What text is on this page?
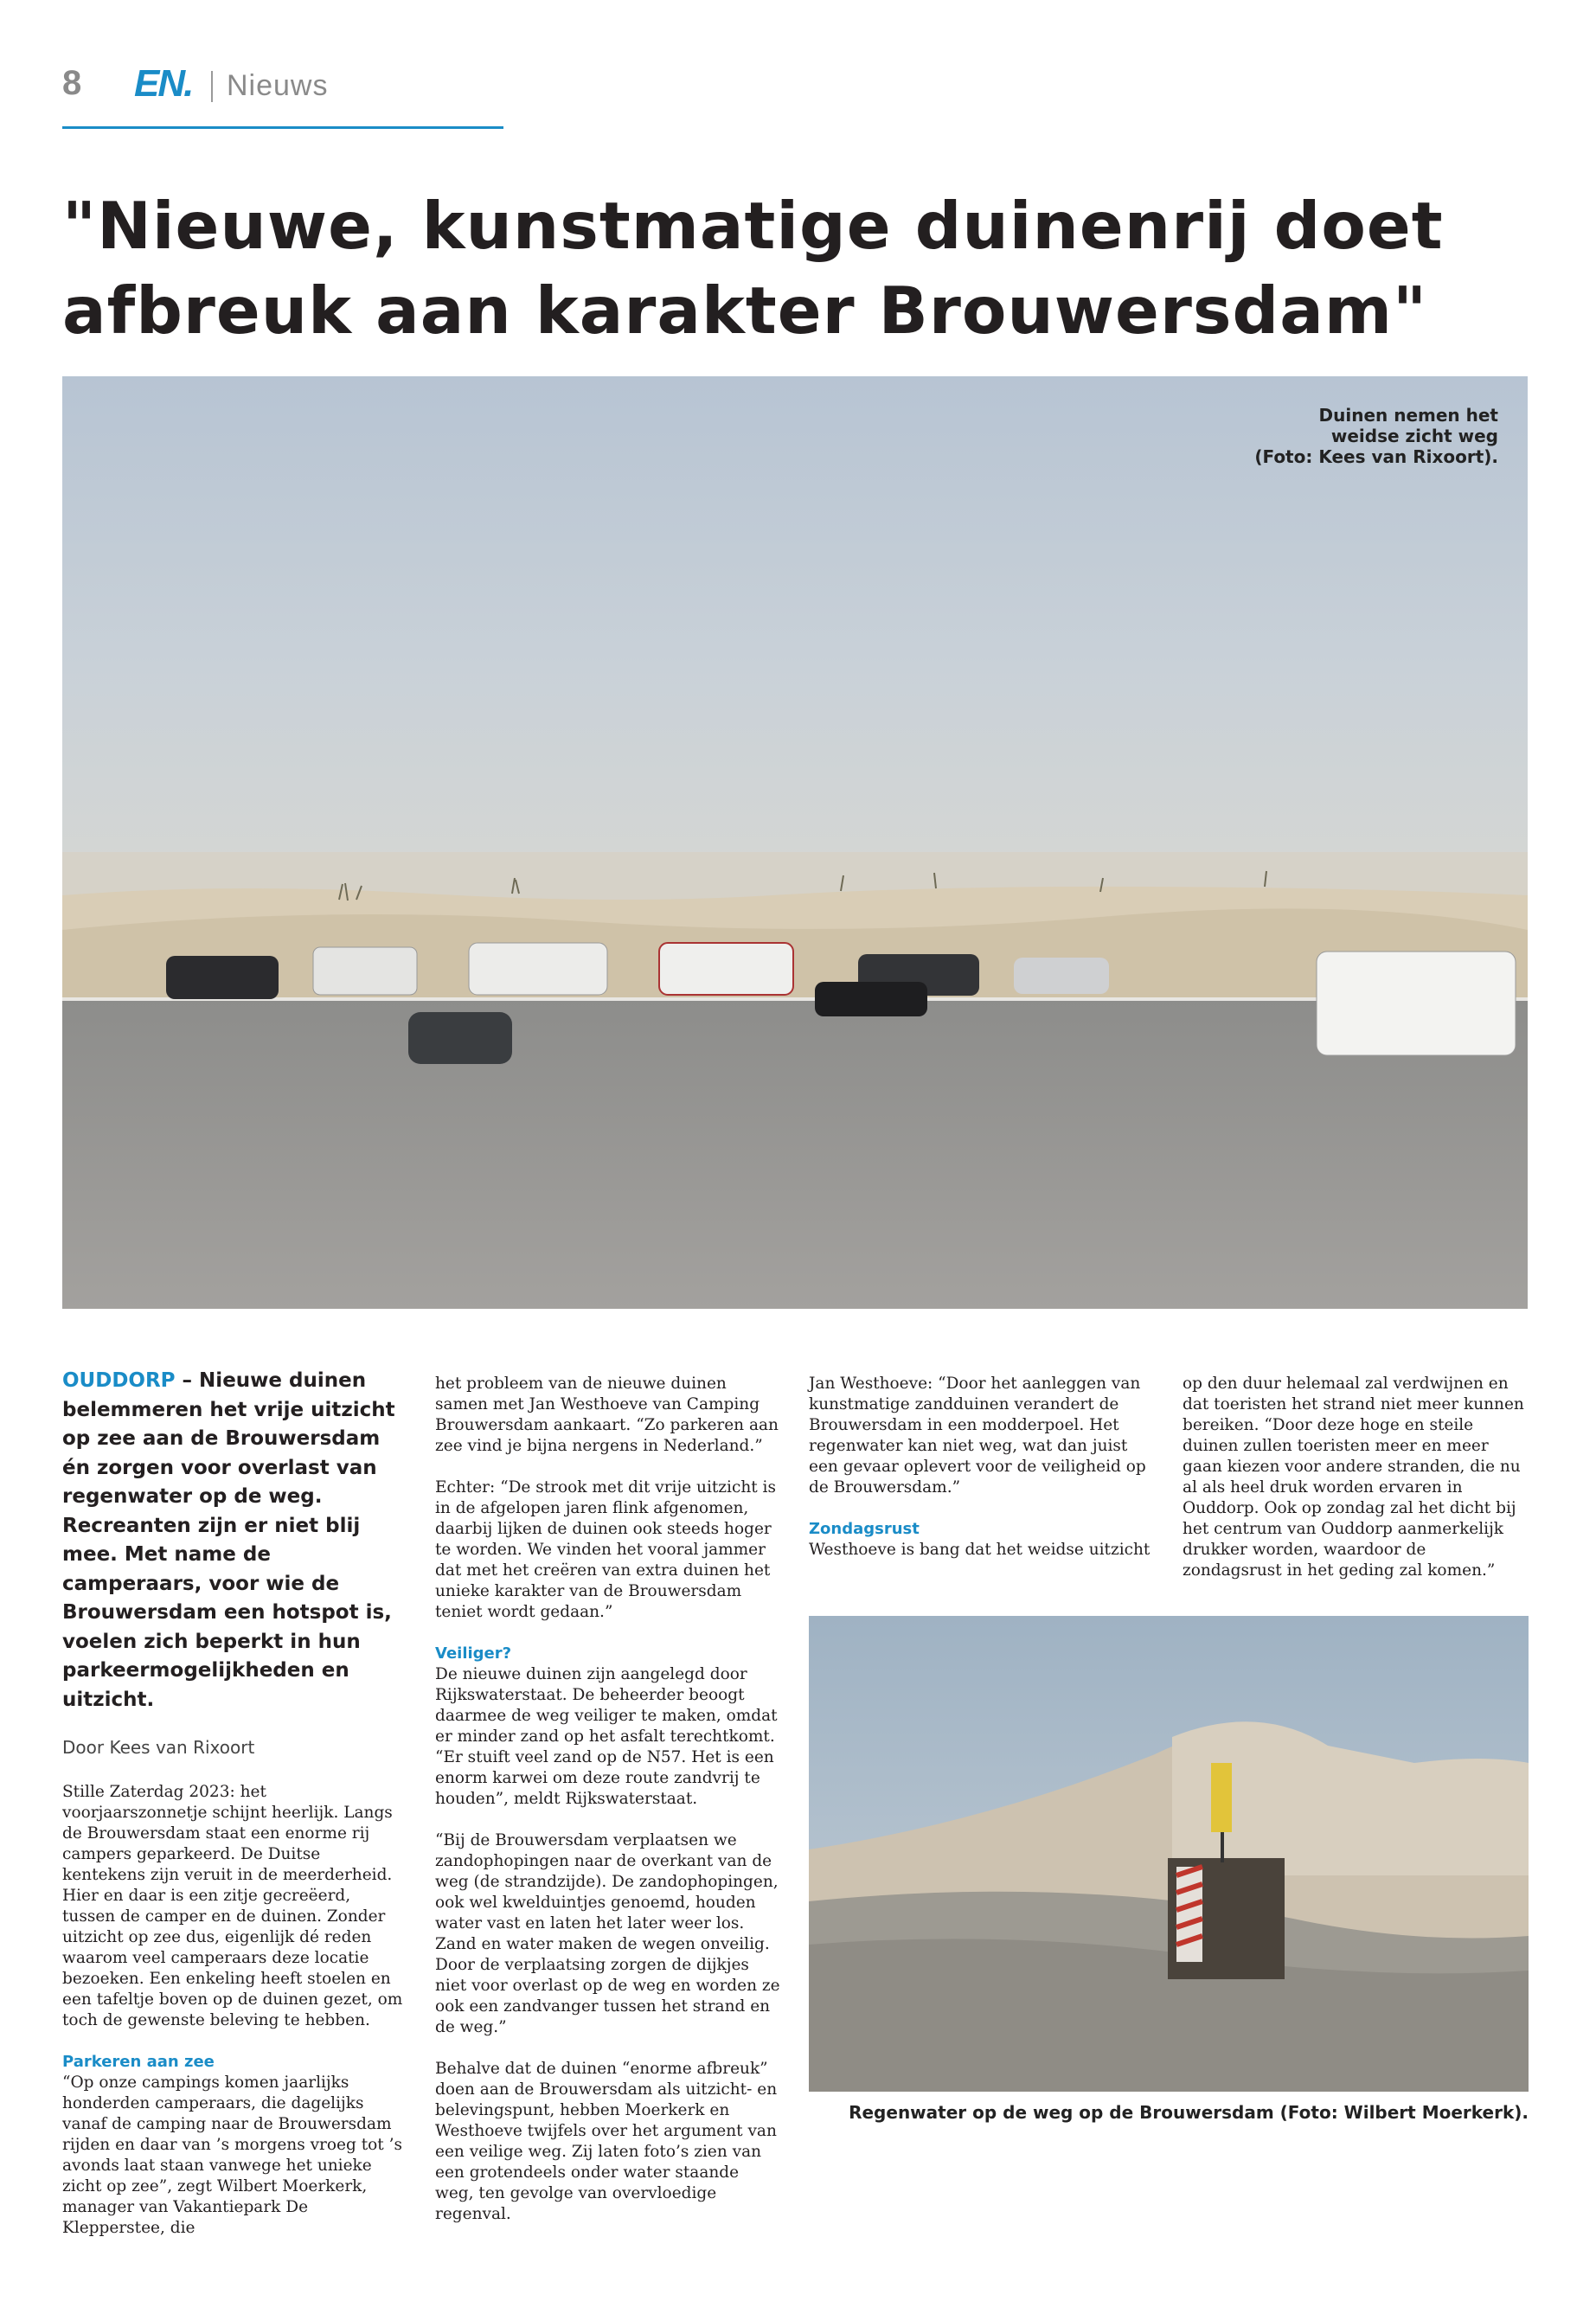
8 EN. Nieuws
"Nieuwe, kunstmatige duinenrij doet afbreuk aan karakter Brouwersdam"
Duinen nemen het
weidse zicht weg
(Foto: Kees van Rixoort).

OUDDORP – Nieuwe duinen belemmeren het vrije uitzicht op zee aan de Brouwersdam én zorgen voor overlast van regenwater op de weg. Recreanten zijn er niet blij mee. Met name de camperaars, voor wie de Brouwersdam een hotspot is, voelen zich beperkt in hun parkeermogelijkheden en uitzicht.

Door Kees van Rixoort

Stille Zaterdag 2023: het voorjaarszonnetje schijnt heerlijk. Langs de Brouwersdam staat een enorme rij campers geparkeerd. De Duitse kentekens zijn veruit in de meerderheid. Hier en daar is een zitje gecreëerd, tussen de camper en de duinen. Zonder uitzicht op zee dus, eigenlijk dé reden waarom veel camperaars deze locatie bezoeken. Een enkeling heeft stoelen en een tafeltje boven op de duinen gezet, om toch de gewenste beleving te hebben.

Parkeren aan zee

“Op onze campings komen jaarlijks honderden camperaars, die dagelijks vanaf de camping naar de Brouwersdam rijden en daar van ’s morgens vroeg tot ’s avonds laat staan vanwege het unieke zicht op zee”, zegt Wilbert Moerkerk, manager van Vakantiepark De Klepperstee, die

het probleem van de nieuwe duinen samen met Jan Westhoeve van Camping Brouwersdam aankaart. “Zo parkeren aan zee vind je bijna nergens in Nederland.”

Echter: “De strook met dit vrije uitzicht is in de afgelopen jaren flink afgenomen, daarbij lijken de duinen ook steeds hoger te worden. We vinden het vooral jammer dat met het creëren van extra duinen het unieke karakter van de Brouwersdam teniet wordt gedaan.”

Veiliger?

De nieuwe duinen zijn aangelegd door Rijkswaterstaat. De beheerder beoogt daarmee de weg veiliger te maken, omdat er minder zand op het asfalt terechtkomt. “Er stuift veel zand op de N57. Het is een enorm karwei om deze route zandvrij te houden”, meldt Rijkswaterstaat.

“Bij de Brouwersdam verplaatsen we zandophopingen naar de overkant van de weg (de strandzijde). De zandophopingen, ook wel kwelduintjes genoemd, houden water vast en laten het later weer los. Zand en water maken de wegen onveilig. Door de verplaatsing zorgen de dijkjes niet voor overlast op de weg en worden ze ook een zandvanger tussen het strand en de weg.”

Behalve dat de duinen “enorme afbreuk” doen aan de Brouwersdam als uitzicht- en belevingspunt, hebben Moerkerk en Westhoeve twijfels over het argument van een veilige weg. Zij laten foto’s zien van een grotendeels onder water staande weg, ten gevolge van overvloedige regenval.

Jan Westhoeve: “Door het aanleggen van kunstmatige zandduinen verandert de Brouwersdam in een modderpoel. Het regenwater kan niet weg, wat dan juist een gevaar oplevert voor de veiligheid op de Brouwersdam.”

Zondagsrust

Westhoeve is bang dat het weidse uitzicht

op den duur helemaal zal verdwijnen en dat toeristen het strand niet meer kunnen bereiken. “Door deze hoge en steile duinen zullen toeristen meer en meer gaan kiezen voor andere stranden, die nu al als heel druk worden ervaren in Ouddorp. Ook op zondag zal het dicht bij het centrum van Ouddorp aanmerkelijk drukker worden, waardoor de zondagsrust in het geding zal komen.”

Regenwater op de weg op de Brouwersdam (Foto: Wilbert Moerkerk).
